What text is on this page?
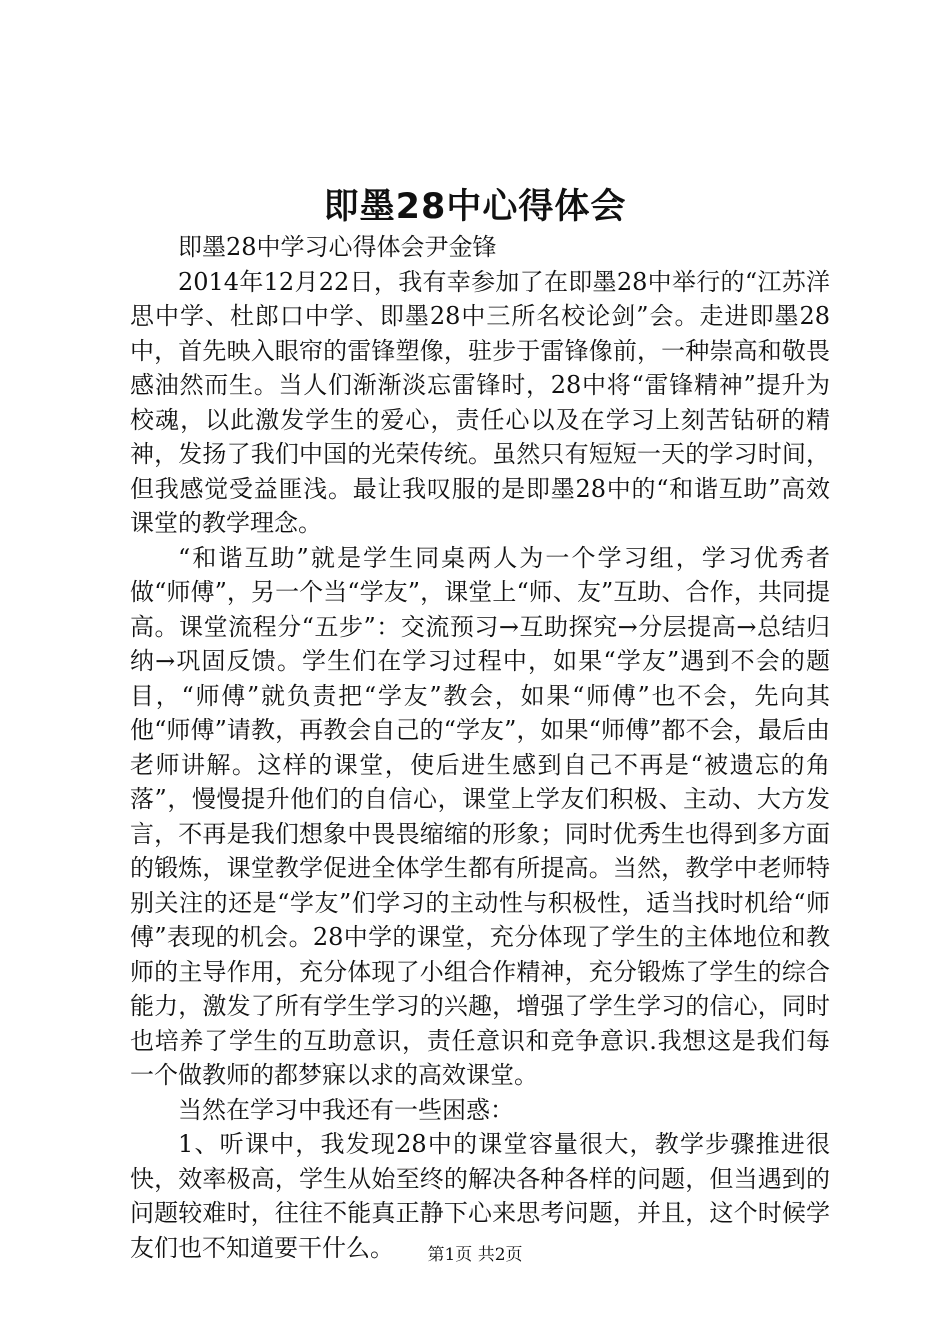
即墨28中心得体会

即墨28中学习心得体会尹金锋

2014年12月22日，我有幸参加了在即墨28中举行的“江苏洋思中学、杜郎口中学、即墨28中三所名校论剑”会。走进即墨28中，首先映入眼帘的雷锋塑像，驻步于雷锋像前，一种崇高和敬畏感油然而生。当人们渐渐淡忘雷锋时，28中将“雷锋精神”提升为校魂，以此激发学生的爱心，责任心以及在学习上刻苦钻研的精神，发扬了我们中国的光荣传统。虽然只有短短一天的学习时间，但我感觉受益匪浅。最让我叹服的是即墨28中的“和谐互助”高效课堂的教学理念。

“和谐互助”就是学生同桌两人为一个学习组，学习优秀者做“师傅”，另一个当“学友”，课堂上“师、友”互助、合作，共同提高。课堂流程分“五步”：交流预习→互助探究→分层提高→总结归纳→巩固反馈。学生们在学习过程中，如果“学友”遇到不会的题目，“师傅”就负责把“学友”教会，如果“师傅”也不会，先向其他“师傅”请教，再教会自己的“学友”，如果“师傅”都不会，最后由老师讲解。这样的课堂，使后进生感到自己不再是“被遗忘的角落”，慢慢提升他们的自信心，课堂上学友们积极、主动、大方发言，不再是我们想象中畏畏缩缩的形象；同时优秀生也得到多方面的锻炼，课堂教学促进全体学生都有所提高。当然，教学中老师特别关注的还是“学友”们学习的主动性与积极性，适当找时机给“师傅”表现的机会。28中学的课堂，充分体现了学生的主体地位和教师的主导作用，充分体现了小组合作精神，充分锻炼了学生的综合能力，激发了所有学生学习的兴趣，增强了学生学习的信心，同时也培养了学生的互助意识，责任意识和竞争意识.我想这是我们每一个做教师的都梦寐以求的高效课堂。

当然在学习中我还有一些困惑：

1、听课中，我发现28中的课堂容量很大，教学步骤推进很快，效率极高，学生从始至终的解决各种各样的问题，但当遇到的问题较难时，往往不能真正静下心来思考问题，并且，这个时候学友们也不知道要干什么。	第1页 共2页
